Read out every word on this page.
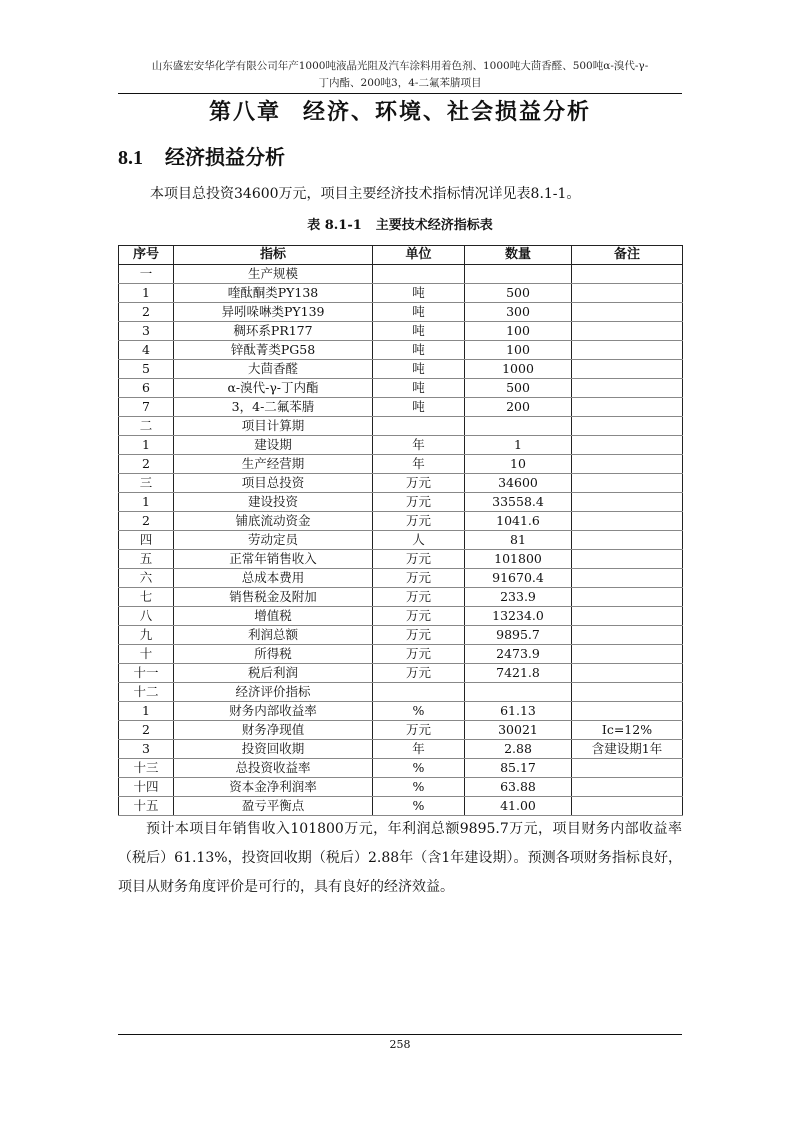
山东盛宏安华化学有限公司年产1000吨液晶光阻及汽车涂料用着色剂、1000吨大茴香醛、500吨α-溴代-γ-
丁内酯、200吨3，4-二氟苯腈项目
第八章 经济、环境、社会损益分析
8.1 经济损益分析
本项目总投资34600万元，项目主要经济技术指标情况详见表8.1-1。
表 8.1-1 主要技术经济指标表
序号	指标	单位	数量	备注
一	生产规模			
1	喹酞酮类PY138	吨	500	
2	异吲哚啉类PY139	吨	300	
3	稠环系PR177	吨	100	
4	锌酞菁类PG58	吨	100	
5	大茴香醛	吨	1000	
6	α-溴代-γ-丁内酯	吨	500	
7	3，4-二氟苯腈	吨	200	
二	项目计算期			
1	建设期	年	1	
2	生产经营期	年	10	
三	项目总投资	万元	34600	
1	建设投资	万元	33558.4	
2	铺底流动资金	万元	1041.6	
四	劳动定员	人	81	
五	正常年销售收入	万元	101800	
六	总成本费用	万元	91670.4	
七	销售税金及附加	万元	233.9	
八	增值税	万元	13234.0	
九	利润总额	万元	9895.7	
十	所得税	万元	2473.9	
十一	税后利润	万元	7421.8	
十二	经济评价指标			
1	财务内部收益率	%	61.13	
2	财务净现值	万元	30021	Ic=12%
3	投资回收期	年	2.88	含建设期1年
十三	总投资收益率	%	85.17	
十四	资本金净利润率	%	63.88	
十五	盈亏平衡点	%	41.00	

预计本项目年销售收入101800万元，年利润总额9895.7万元，项目财务内部收益率（税后）61.13%，投资回收期（税后）2.88年（含1年建设期）。预测各项财务指标良好，项目从财务角度评价是可行的，具有良好的经济效益。

258
